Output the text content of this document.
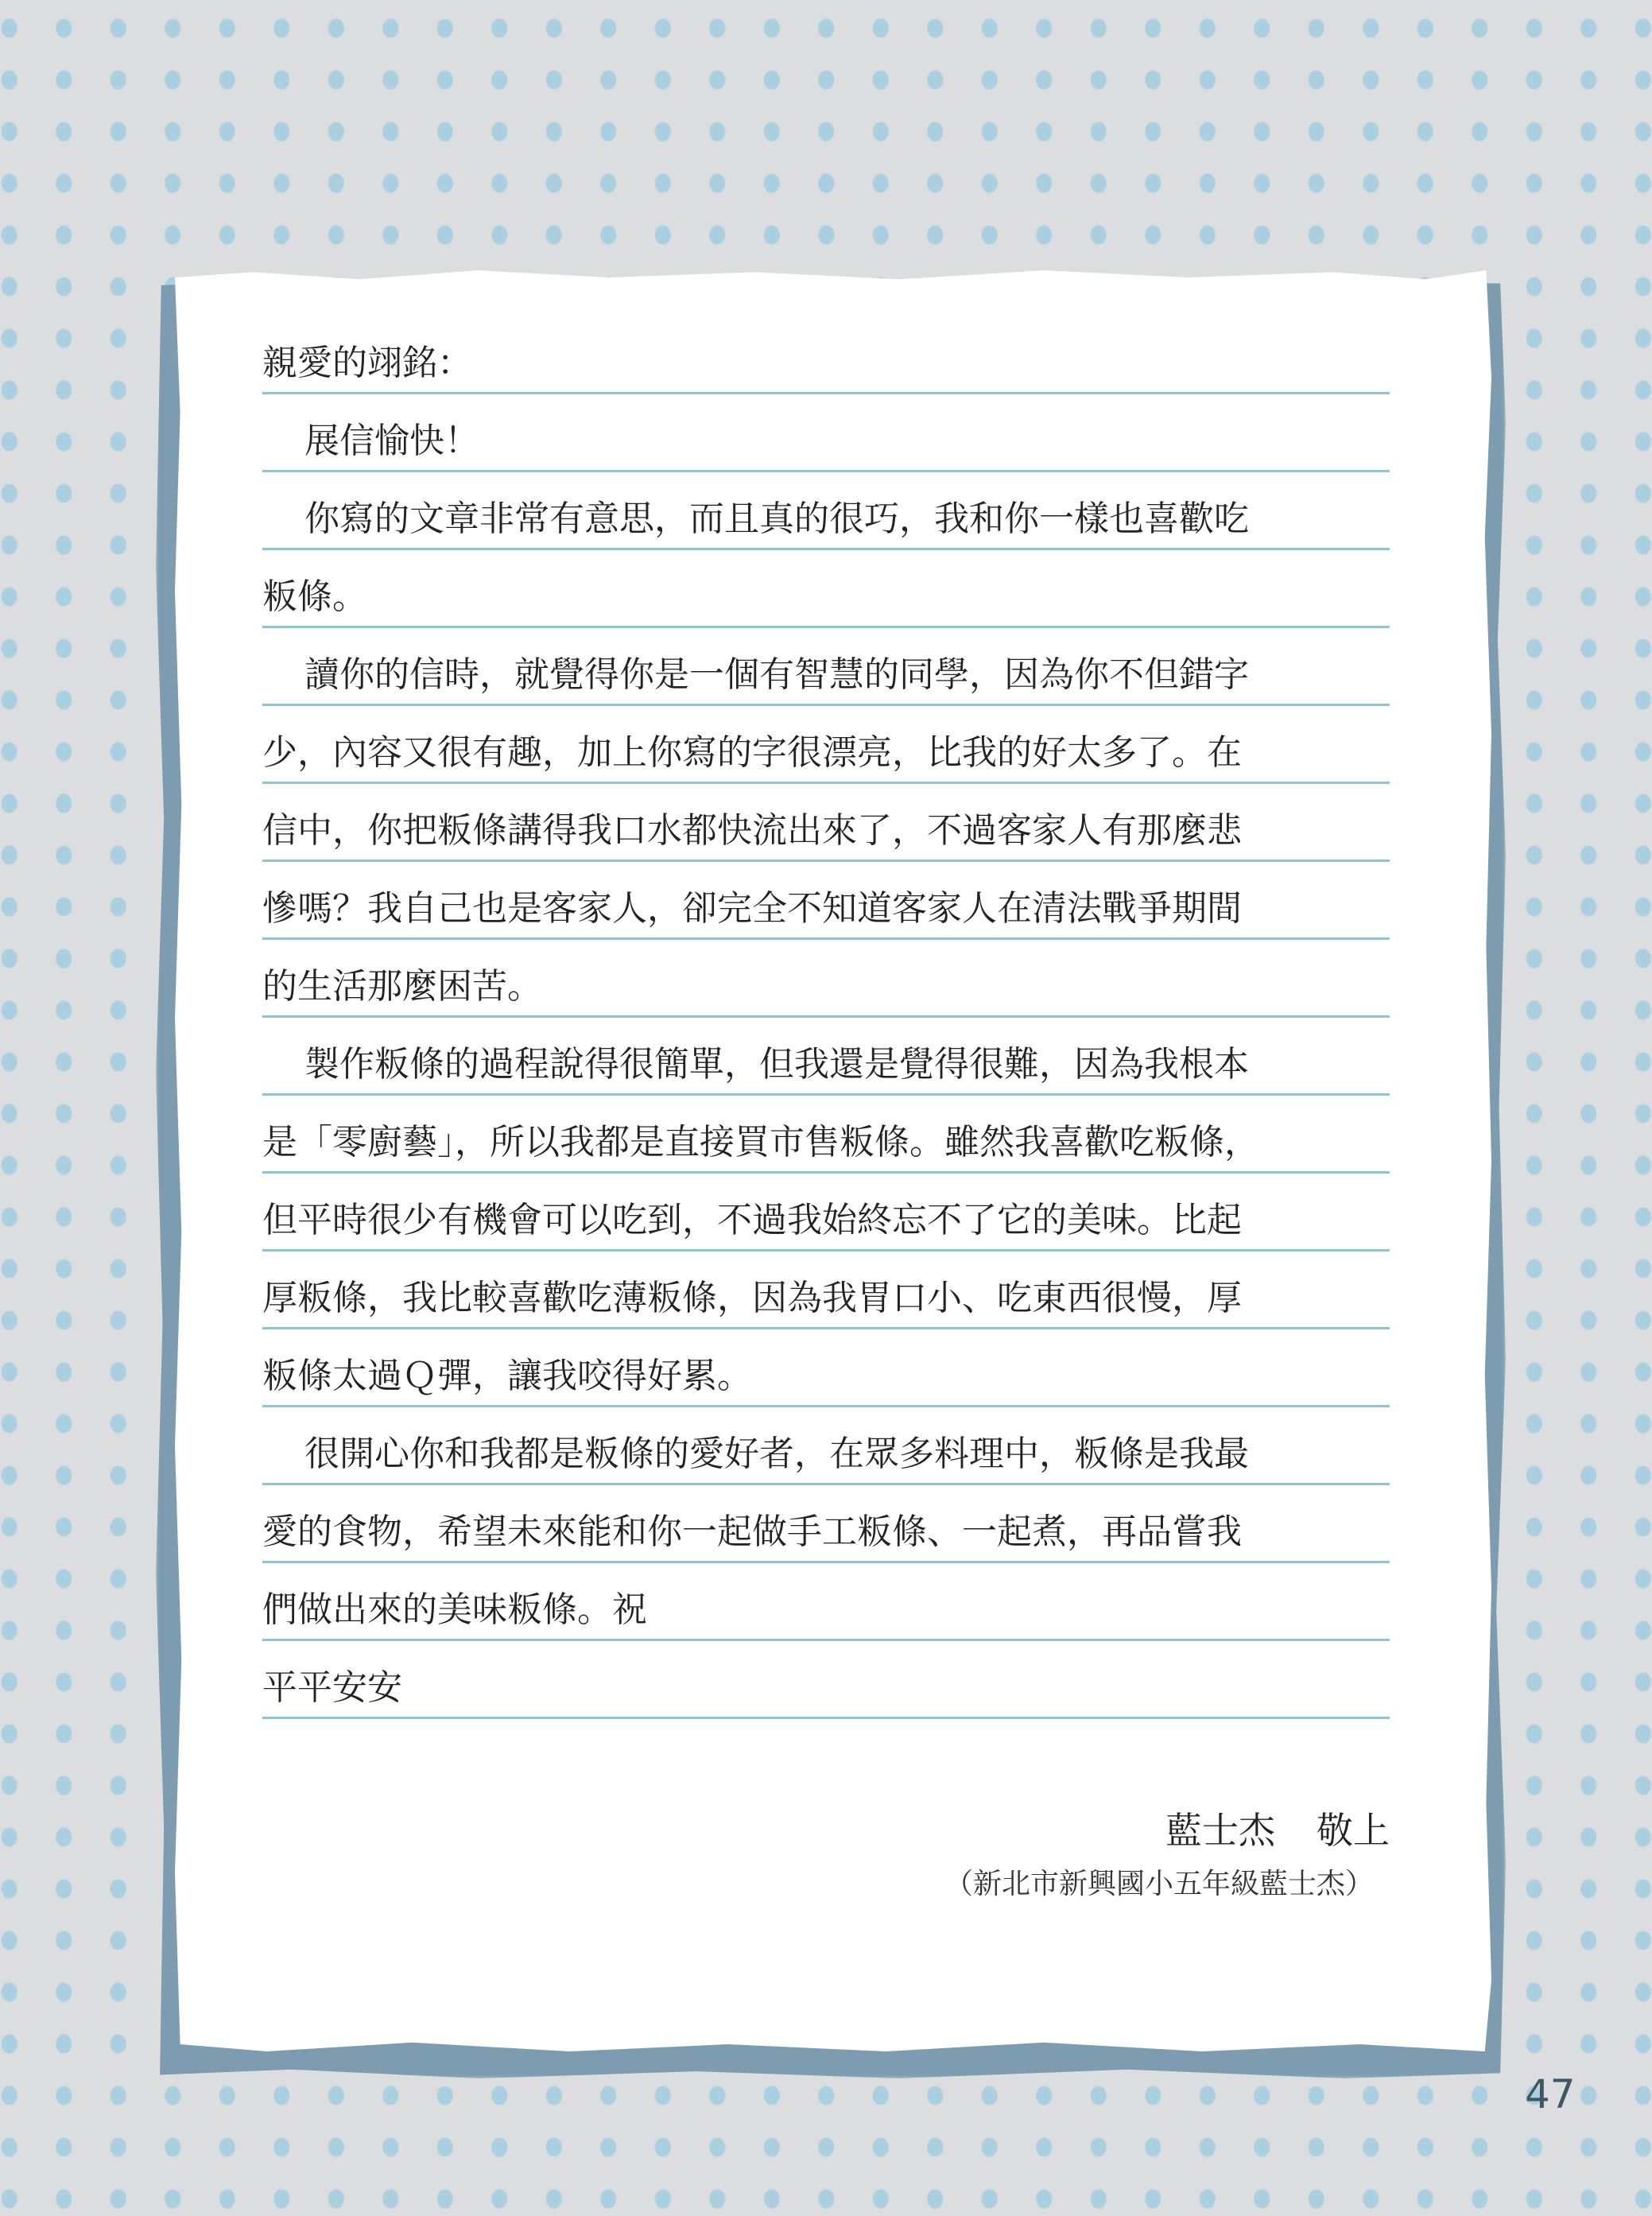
親愛的翊銘：
展信愉快！
你寫的文章非常有意思，而且真的很巧，我和你一樣也喜歡吃
粄條。
讀你的信時，就覺得你是一個有智慧的同學，因為你不但錯字
少，內容又很有趣，加上你寫的字很漂亮，比我的好太多了。在
信中，你把粄條講得我口水都快流出來了，不過客家人有那麼悲
慘嗎？我自己也是客家人，卻完全不知道客家人在清法戰爭期間
的生活那麼困苦。
製作粄條的過程說得很簡單，但我還是覺得很難，因為我根本
是「零廚藝」，所以我都是直接買市售粄條。雖然我喜歡吃粄條，
但平時很少有機會可以吃到，不過我始終忘不了它的美味。比起
厚粄條，我比較喜歡吃薄粄條，因為我胃口小、吃東西很慢，厚
粄條太過Ｑ彈，讓我咬得好累。
很開心你和我都是粄條的愛好者，在眾多料理中，粄條是我最
愛的食物，希望未來能和你一起做手工粄條、一起煮，再品嘗我
們做出來的美味粄條。祝
平平安安
藍士杰 敬上
（新北市新興國小五年級藍士杰）
47
